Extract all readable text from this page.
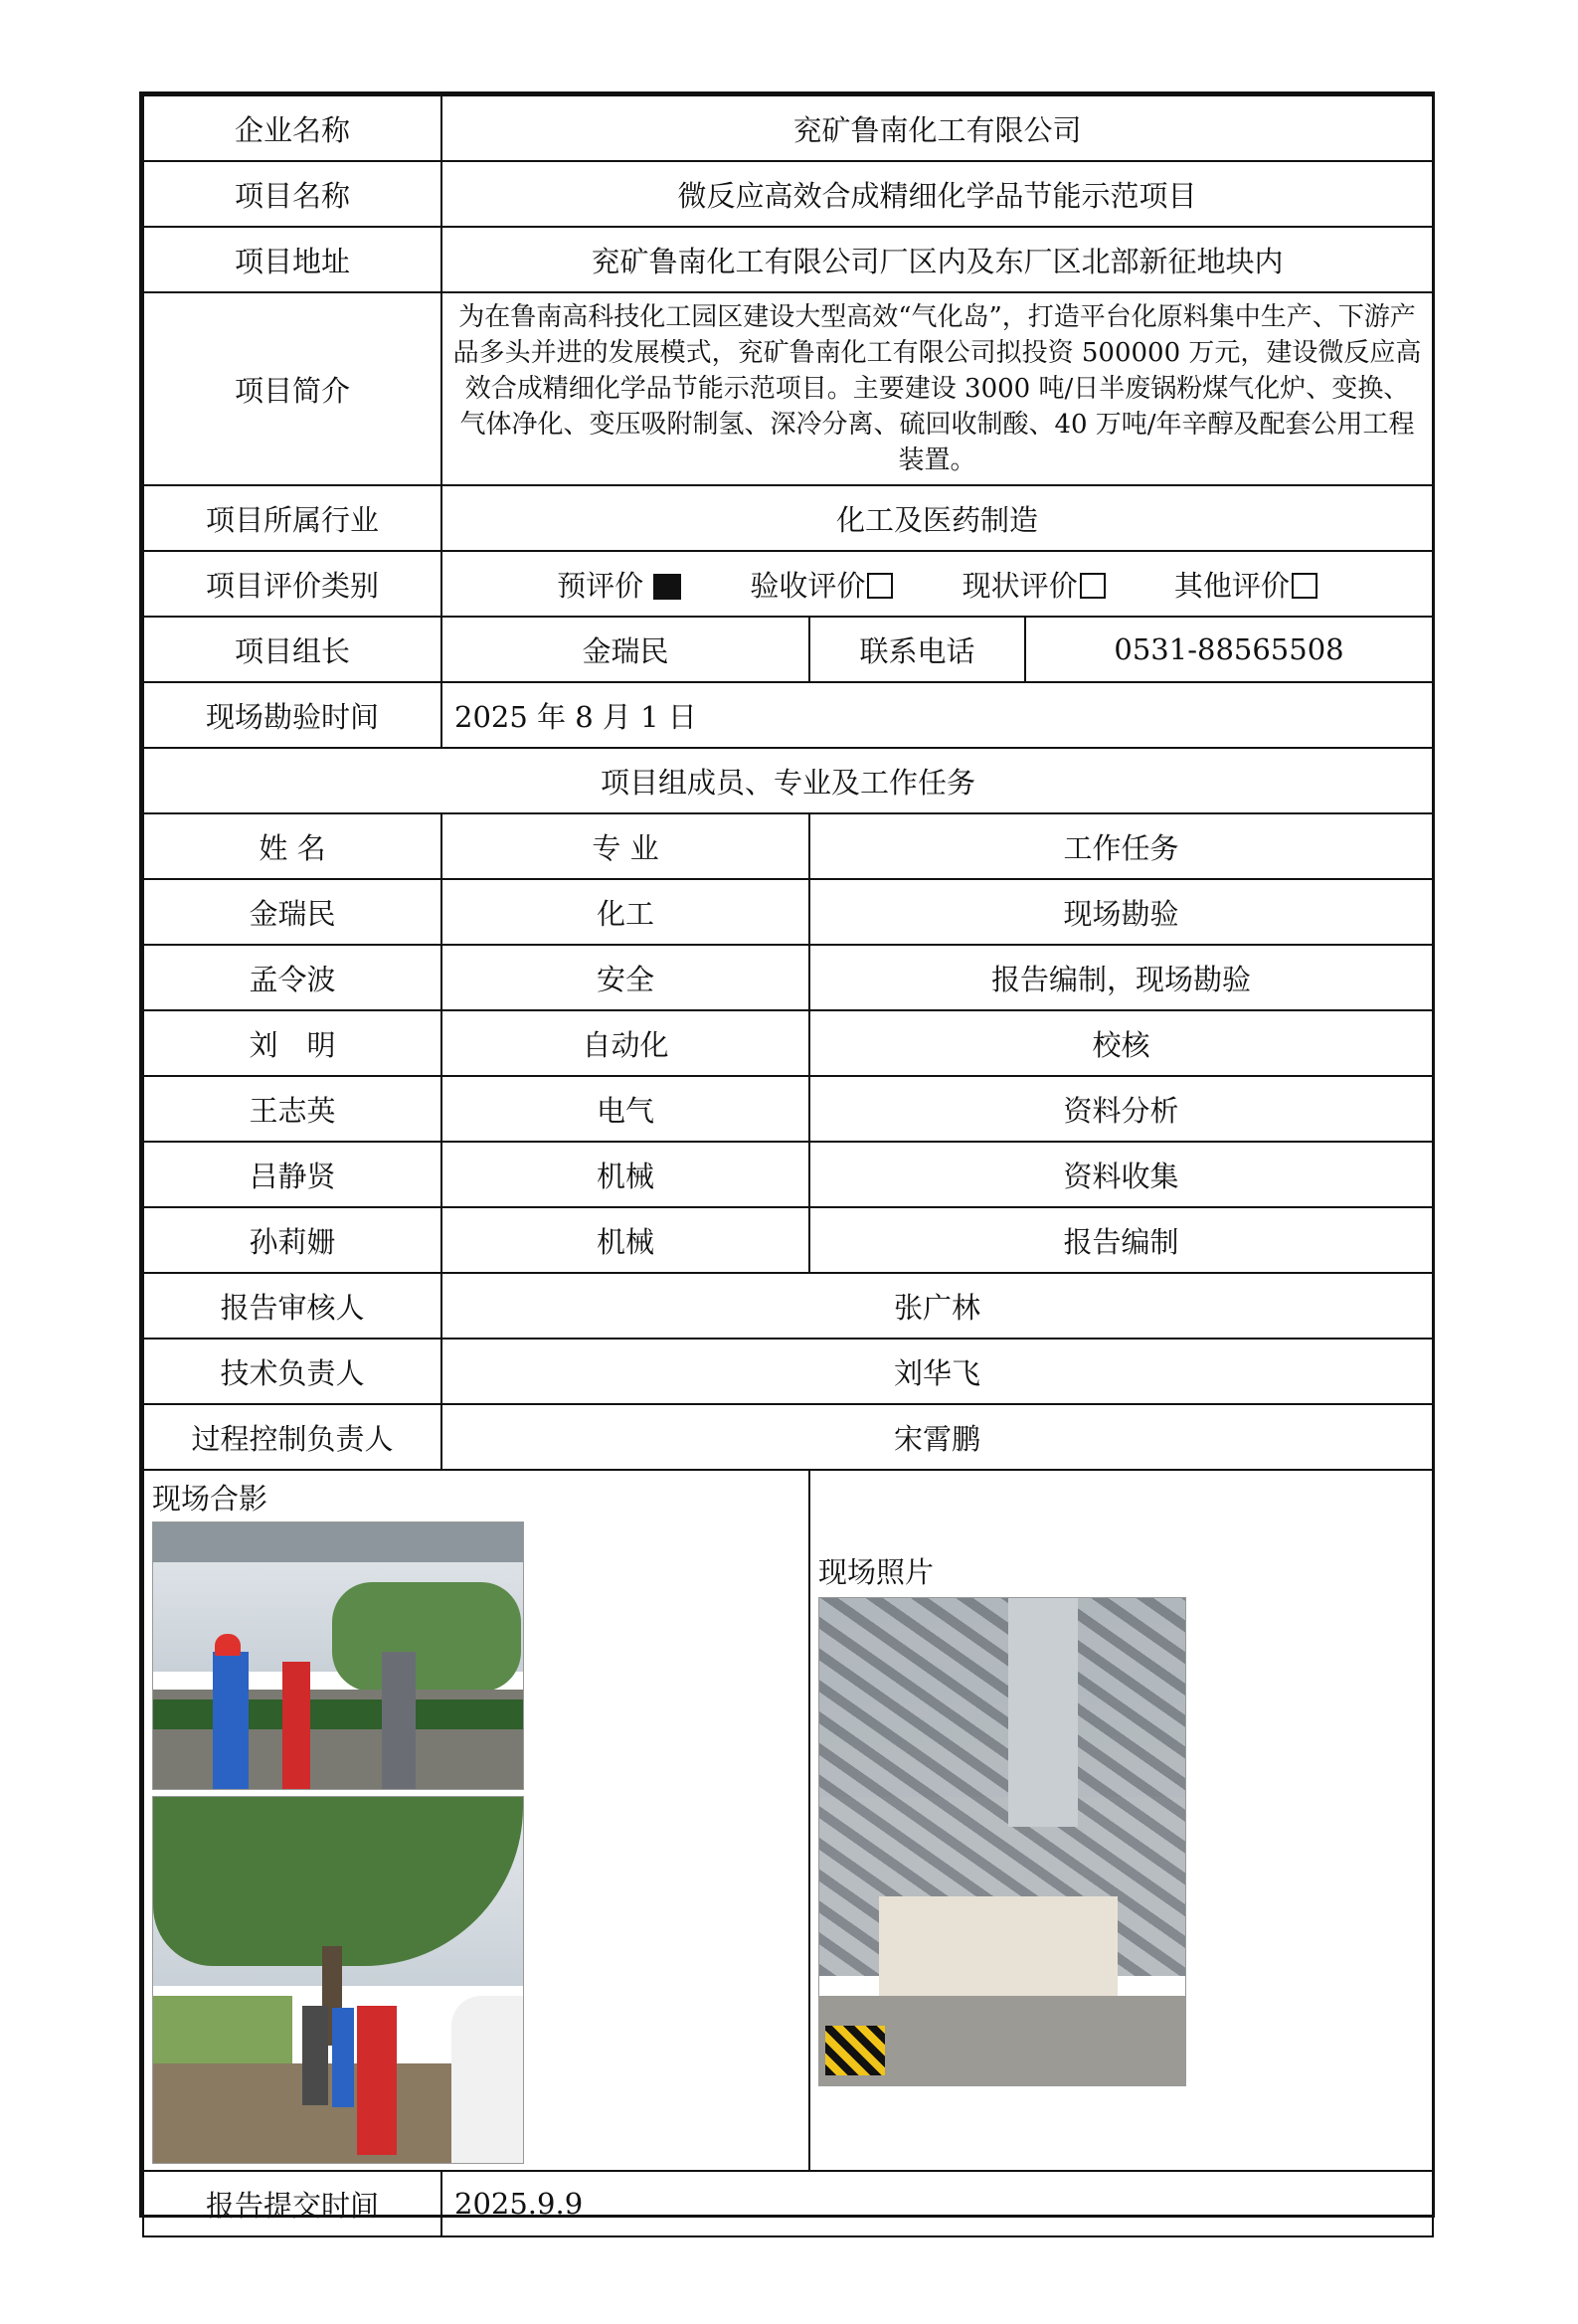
企业名称	兖矿鲁南化工有限公司		
项目名称	微反应高效合成精细化学品节能示范项目		
项目地址	兖矿鲁南化工有限公司厂区内及东厂区北部新征地块内		
项目简介	为在鲁南高科技化工园区建设大型高效“气化岛”，打造平台化原料集中生产、下游产品多头并进的发展模式，兖矿鲁南化工有限公司拟投资 500000 万元，建设微反应高效合成精细化学品节能示范项目。主要建设 3000 吨/日半废锅粉煤气化炉、变换、气体净化、变压吸附制氢、深冷分离、硫回收制酸、40 万吨/年辛醇及配套公用工程装置。		
项目所属行业	化工及医药制造		
项目评价类别	预评价 验收评价 现状评价 其他评价		
项目组长	金瑞民	联系电话	0531-88565508
现场勘验时间	2025 年 8 月 1 日		
项目组成员、专业及工作任务			
姓 名	专 业	工作任务	
金瑞民	化工	现场勘验	
孟令波	安全	报告编制，现场勘验	
刘　明	自动化	校核	
王志英	电气	资料分析	
吕静贤	机械	资料收集	
孙莉姗	机械	报告编制	
报告审核人	张广林		
技术负责人	刘华飞		
过程控制负责人	宋霄鹏		

现场合影		现场照片	

报告提交时间	2025.9.9		
